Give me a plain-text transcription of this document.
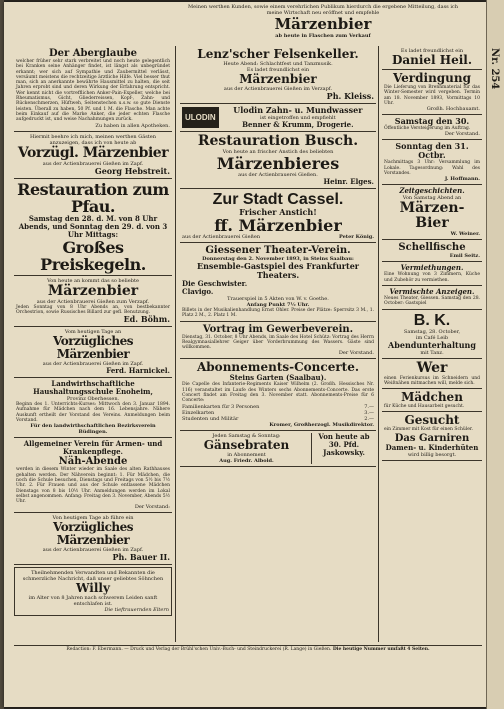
Meinen werthen Kunden, sowie einem verehrlichen Publikum hierdurch die ergebene Mitteilung, dass ich meine Wirtschaft neu eröffnet und empfehle
Märzenbier
ab heute in Flaschen zum Verkauf
Der Aberglaube
welcher früher sehr stark verbreitet und noch heute gelegentlich bei Kranken seine Anhänger findet, ist längst als unbegründet erkannt; wer sich auf Sympathie und Zaubermittel verlässt, versäumt meistens die rechtzeitige ärztliche Hilfe. Viel besser thut man, sich an anerkannte bewährte Hausmittel zu halten, die seit Jahren erprobt sind und deren Wirkung der Erfahrung entspricht. Wer kennt nicht die vortrefflichen Anker-Pain-Expeller, welche bei Rheumatismus, Gicht, Gliederreissen, Kopf-, Zahn- und Rückenschmerzen, Hüftweh, Seitenstechen u.s.w. so gute Dienste leisten. Überall zu haben, 50 Pf. und 1 M. die Flasche. Man achte beim Einkauf auf die Marke Anker, die jeder echten Flasche aufgedruckt ist, und weise Nachahmungen zurück.
Zu haben in allen Apotheken.
Hiermit beehre ich mich, meinen werthen Gästen anzuzeigen, dass ich von heute ab
Vorzügl. Märzenbier
aus der Actienbrauerei Gießen im Zapf.
Georg Hebstreit.
Restauration zum Pfau.
Samstag den 28. d. M. von 8 Uhr Abends, und Sonntag den 29. d. von 3 Uhr Mittags:
Großes Preiskegeln.
Von heute an kommt das so beliebte
Märzenbier
aus der Actienbrauerei Gießen zum Verzapf.
Jeden Sonntag von 8 Uhr Abends an, von bestbekannter Orchestrion, sowie Russisches Billard zur gefl. Benutzung.
Ed. Böhm.
Vom heutigen Tage an
Vorzügliches Märzenbier
aus der Actienbrauerei Gießen im Zapf.
Ferd. Harnickel.
Landwirthschaftliche Haushaltungsschule Enoheim,
Provinz Oberhessen.
Beginn des 1. Unterrichts-Kurses: Mittwoch den 3. Januar 1894. Aufnahme für Mädchen nach dem 16. Lebensjahre. Nähere Auskunft ertheilt der Vorstand des Vereins. Anmeldungen beim Vorstand.
Für den landwirthschaftlichen Bezirksverein Büdingen.
Allgemeiner Verein für Armen- und Krankenpflege.
Näh-Abende
werden in diesem Winter wieder im Saale des alten Rathhauses gehalten werden. Der Nähverein beginnt: 1. Für Mädchen, die noch die Schule besuchen, Dienstags und Freitags von 5½ bis 7½ Uhr. 2. Für Frauen und aus der Schule entlassene Mädchen Dienstags von 8 bis 10½ Uhr. Anmeldungen werden im Lokal selbst angenommen. Anfang: Freitag den 3. November, Abends 5½ Uhr.
Der Vorstand:
Von heutigem Tage ab führe ein
Vorzügliches Märzenbier
aus der Actienbrauerei Gießen im Zapf.
Ph. Bauer II.
Theilnehmenden Verwandten und Bekannten die schmerzliche Nachricht, daß unser geliebtes Söhnchen
Willy
im Alter von 8 Jahren nach schwerem Leiden sanft entschlafen ist.
Die tieftrauernden Eltern
Lenz'scher Felsenkeller.
Heute Abend: Schlachtfest und Tanzmusik.
Es ladet freundlichst ein
Märzenbier
aus der Actienbrauerei Gießen im Verzapf.
Ph. Kleiss.
ULODIN
Ulodin Zahn- u. Mundwasser
ist eingetroffen und empfiehlt
Benner & Krumm, Drogerie.
Restauration Busch.
Von heute an frischer Anstich des beliebten
Märzenbieres
aus der Actienbrauerei Gießen.
Heinr. Elges.
Zur Stadt Cassel.
Frischer Anstich!
ff. Märzenbier
aus der Actienbrauerei Gießen	Peter König.
Giessener Theater-Verein.
Donnerstag den 2. November 1893, in Steins Saalbau:
Ensemble-Gastspiel des Frankfurter Theaters.
Die Geschwister.
Clavigo.
Trauerspiel in 5 Akten von W. v. Goethe.
Anfang Punkt 7½ Uhr.
Billets in der Musikalienhandlung Ernst Ohler. Preise der Plätze: Sperrsitz 3 M., 1. Platz 2 M., 2. Platz 1 M.
Vortrag im Gewerbeverein.
Dienstag, 31. October, 8 Uhr Abends, im Saale des Hotel Schütz: Vortrag des Herrn Realgymnasiallehrer Geiger über Vorderbrummung des Wassers. Gäste sind willkommen.
Der Vorstand.
Abonnements-Concerte.
Steins Garten (Saalbau).
Die Capelle des Infanterie-Regiments Kaiser Wilhelm (2. Großh. Hessisches Nr. 116) veranstaltet im Laufe des Winters sechs Abonnements-Concerte. Das erste Concert findet am Freitag den 3. November statt. Abonnements-Preise für 6 Concerte:
Familienkarten für 3 Personen	7.—
Einzelkarten	3.—
Studenten und Militär	2.—
Kromer, Großherzogl. Musikdirektor.
Jeden Samstag & Sonntag:
Gänsebraten
in Abonnement
Aug. Friedr. Albold.
Von heute ab 30. Pfd. Jaskowsky.
Es ladet freundlichst ein
Daniel Heil.
Verdingung
Die Lieferung von Brennmaterial für das Winter-Semester wird vergeben. Termin am 18. November 1893, Vormittags 10 Uhr.
Großh. Hochbauamt.
Samstag den 30.
Öffentliche Versteigerung im Auftrag.
Der Vorstand.
Sonntag den 31. Octbr.
Nachmittags 3 Uhr: Versammlung im Lokale. Tagesordnung: Wahl des Vorstandes.
J. Hoffmann.
Zeitgeschichten.
Von Samstag Abend an
Märzen-Bier
W. Weiner.
Schellfische
Emil Seitz.
Vermiethungen.
Eine Wohnung von 3 Zimmern, Küche und Zubehör zu vermiethen.
Vermischte Anzeigen.
Neues Theater, Giessen. Samstag den 28. October: Gastspiel
B. K.
Samstag, 28. October,
im Café Leib
Abendunterhaltung
mit Tanz.
Wer
einen Ferienkursus im Schneidern und Weißnähen mitmachen will, melde sich.
Mädchen
für Küche und Hausarbeit gesucht.
Gesucht
ein Zimmer mit Kost für einen Schüler.
Das Garniren
Damen- u. Kinderhüten
wird billig besorgt.
Redaction: F. Ebermann. — Druck und Verlag der Brühl'schen Univ.-Buch- und Steindruckerei (R. Lange) in Gießen. Die heutige Nummer umfaßt 4 Seiten.
Nr. 254
